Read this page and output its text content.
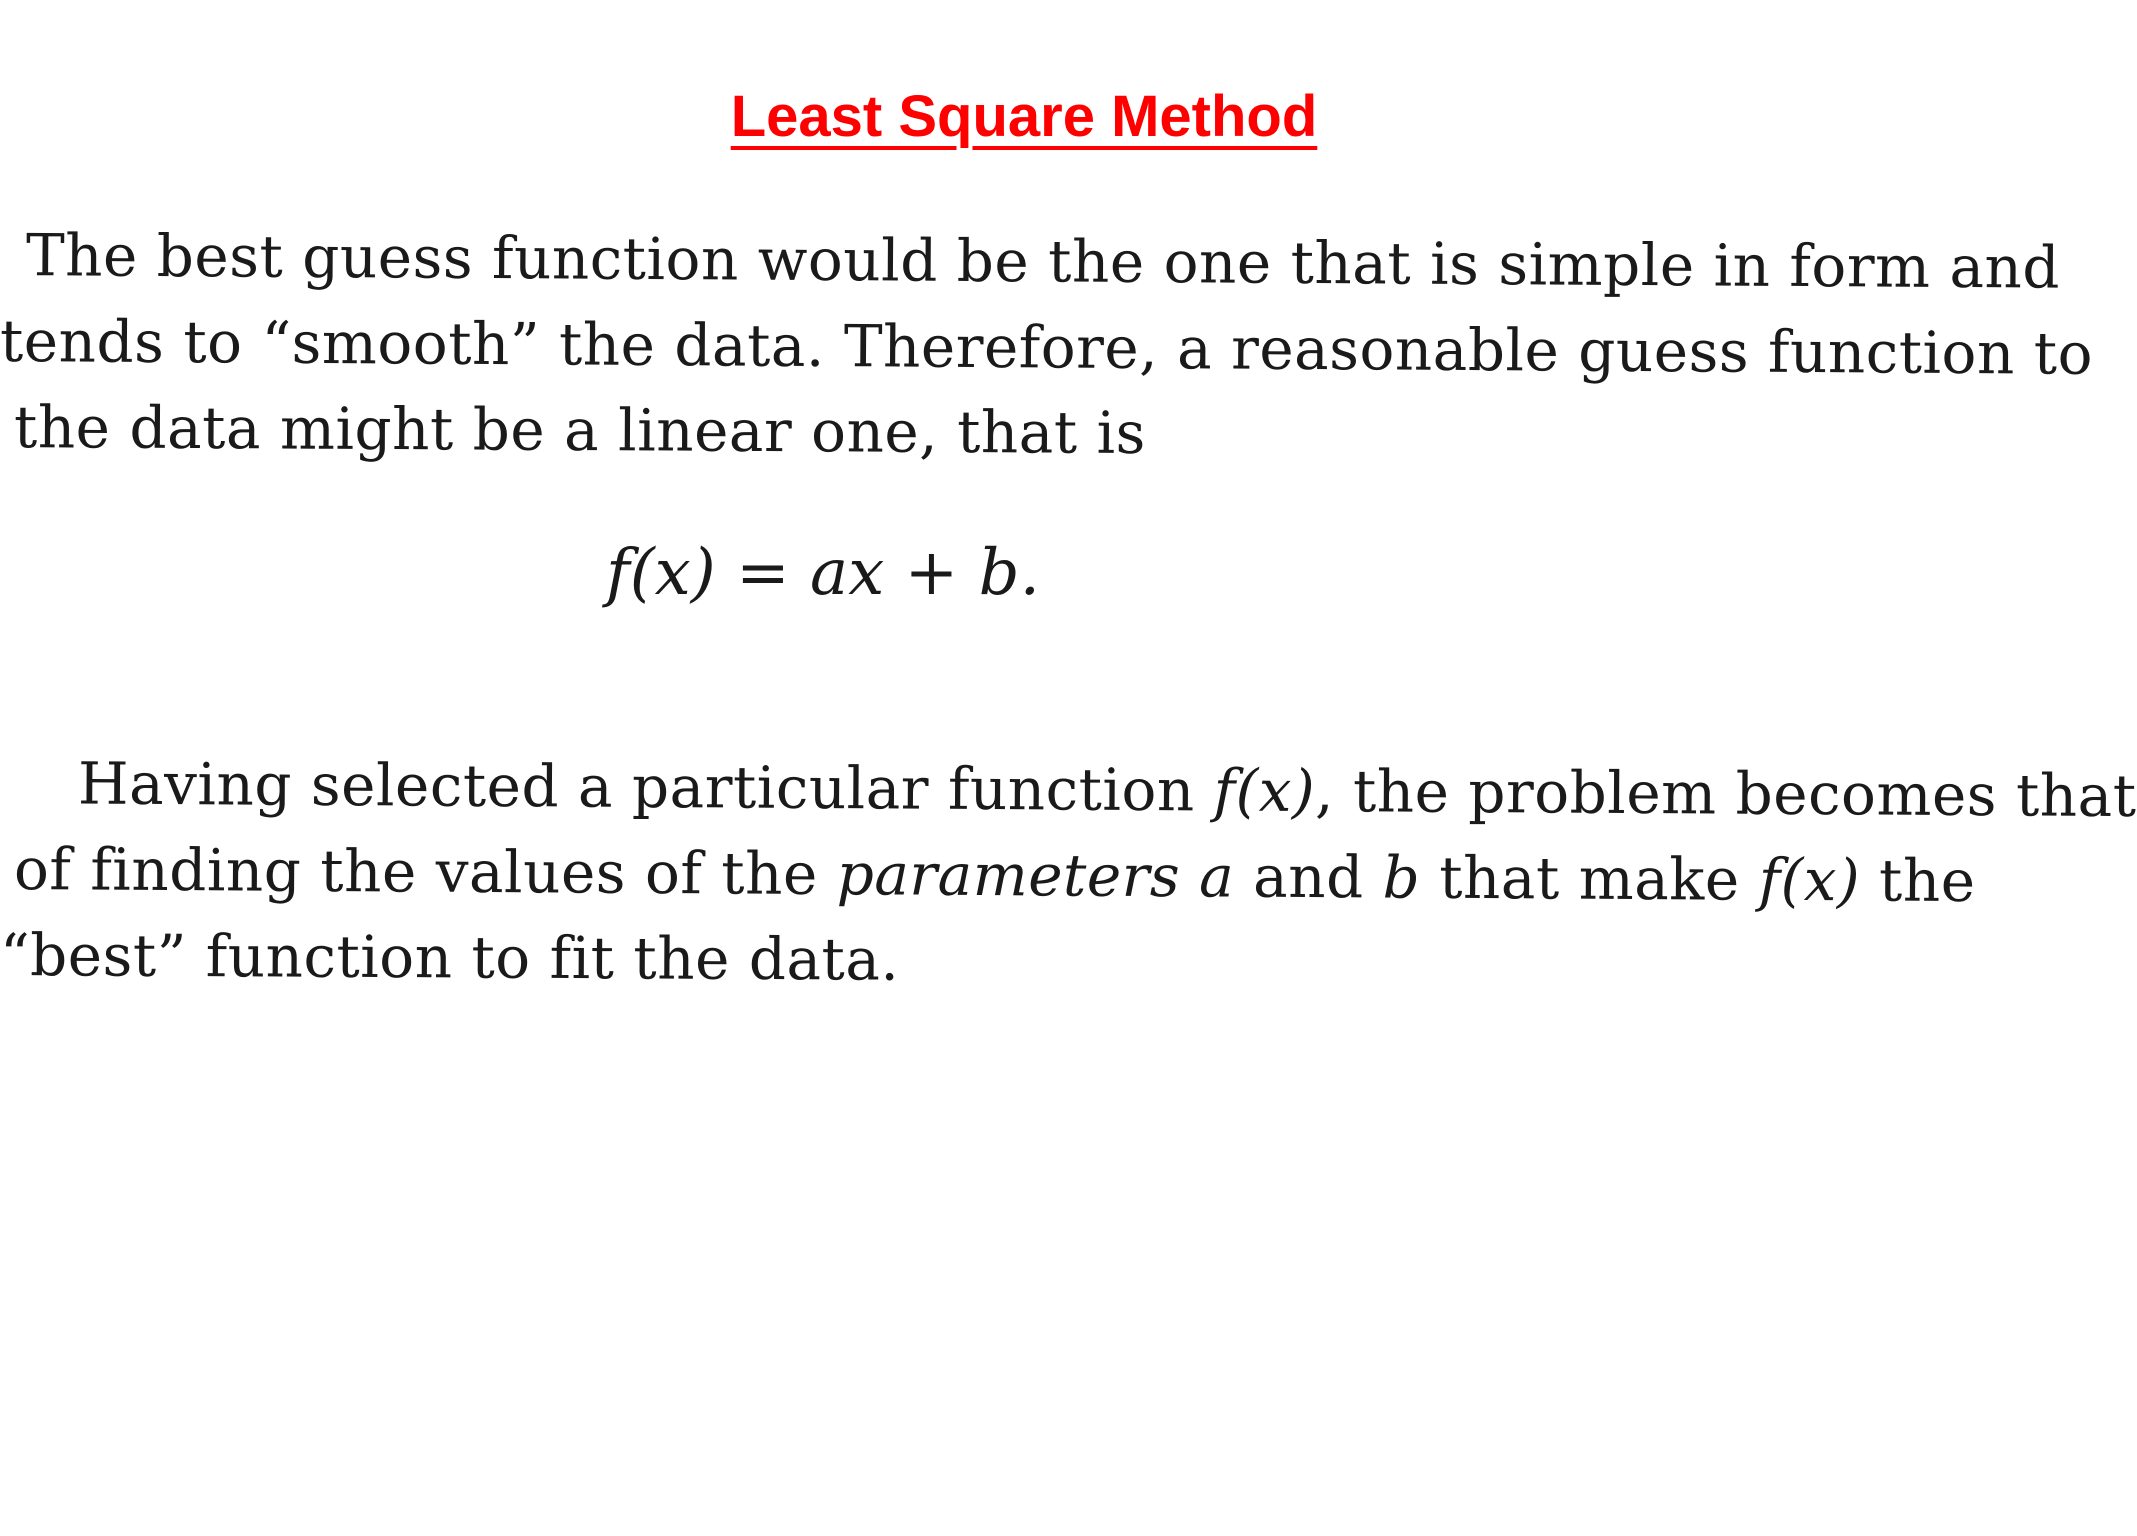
Least Square Method
The best guess function would be the one that is simple in form and
tends to “smooth” the data. Therefore, a reasonable guess function to
the data might be a linear one, that is
f(x) = ax + b.
Having selected a particular function f(x), the problem becomes that
of finding the values of the parameters a and b that make f(x) the
“best” function to fit the data.
